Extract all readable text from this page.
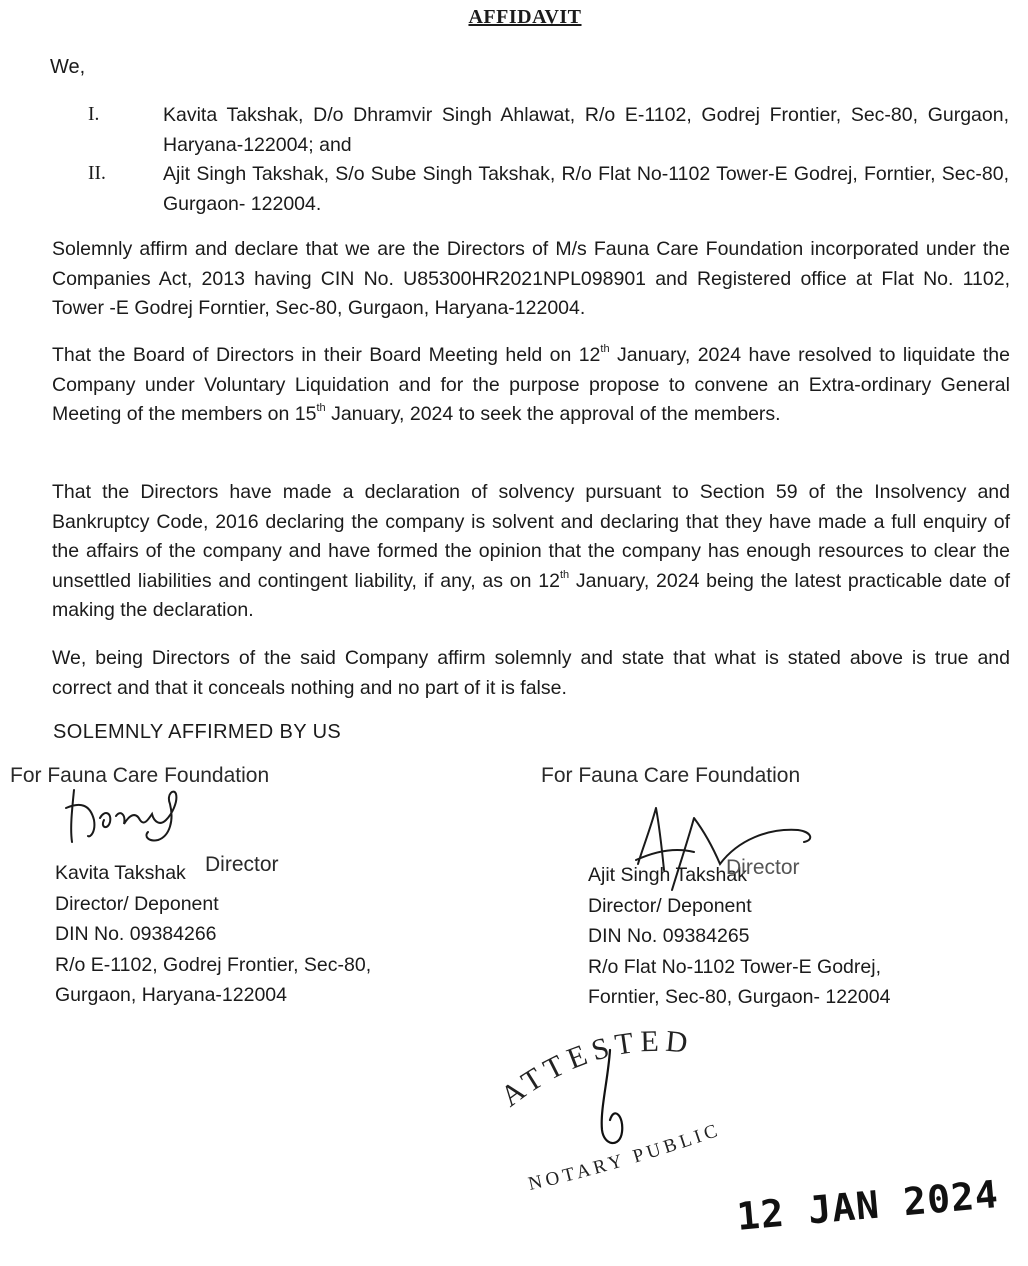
AFFIDAVIT
We,
I.	Kavita Takshak, D/o Dhramvir Singh Ahlawat, R/o E-1102, Godrej Frontier, Sec-80, Gurgaon, Haryana-122004; and
II.	Ajit Singh Takshak, S/o Sube Singh Takshak, R/o Flat No-1102 Tower-E Godrej, Forntier, Sec-80, Gurgaon- 122004.
Solemnly affirm and declare that we are the Directors of M/s Fauna Care Foundation incorporated under the Companies Act, 2013 having CIN No. U85300HR2021NPL098901 and Registered office at Flat No. 1102, Tower -E Godrej Forntier, Sec-80, Gurgaon, Haryana-122004.
That the Board of Directors in their Board Meeting held on 12th January, 2024 have resolved to liquidate the Company under Voluntary Liquidation and for the purpose propose to convene an Extra-ordinary General Meeting of the members on 15th January, 2024 to seek the approval of the members.
That the Directors have made a declaration of solvency pursuant to Section 59 of the Insolvency and Bankruptcy Code, 2016 declaring the company is solvent and declaring that they have made a full enquiry of the affairs of the company and have formed the opinion that the company has enough resources to clear the unsettled liabilities and contingent liability, if any, as on 12th January, 2024 being the latest practicable date of making the declaration.
We, being Directors of the said Company affirm solemnly and state that what is stated above is true and correct and that it conceals nothing and no part of it is false.
SOLEMNLY AFFIRMED BY US
For Fauna Care Foundation
Kavita Takshak
Director/ Deponent
DIN No. 09384266
R/o E-1102, Godrej Frontier, Sec-80,
Gurgaon, Haryana-122004
Director
For Fauna Care Foundation
Ajit Singh Takshak
Director/ Deponent
DIN No. 09384265
R/o Flat No-1102 Tower-E Godrej,
Forntier, Sec-80, Gurgaon- 122004
Director
ATTESTED
NOTARY PUBLIC
12 JAN 2024
